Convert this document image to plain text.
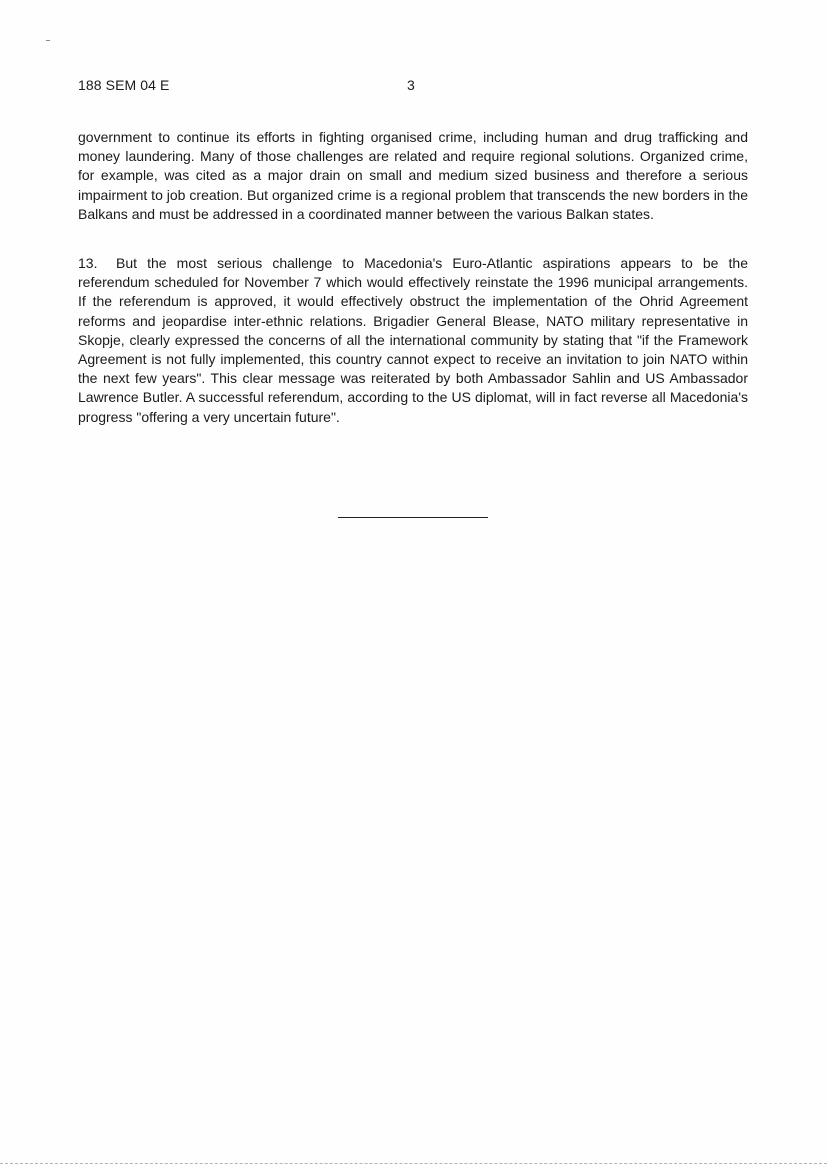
188 SEM 04 E	3

government to continue its efforts in fighting organised crime, including human and drug trafficking and money laundering. Many of those challenges are related and require regional solutions. Organized crime, for example, was cited as a major drain on small and medium sized business and therefore a serious impairment to job creation. But organized crime is a regional problem that transcends the new borders in the Balkans and must be addressed in a coordinated manner between the various Balkan states.

13. But the most serious challenge to Macedonia's Euro-Atlantic aspirations appears to be the referendum scheduled for November 7 which would effectively reinstate the 1996 municipal arrangements. If the referendum is approved, it would effectively obstruct the implementation of the Ohrid Agreement reforms and jeopardise inter-ethnic relations. Brigadier General Blease, NATO military representative in Skopje, clearly expressed the concerns of all the international community by stating that "if the Framework Agreement is not fully implemented, this country cannot expect to receive an invitation to join NATO within the next few years". This clear message was reiterated by both Ambassador Sahlin and US Ambassador Lawrence Butler. A successful referendum, according to the US diplomat, will in fact reverse all Macedonia's progress "offering a very uncertain future".
